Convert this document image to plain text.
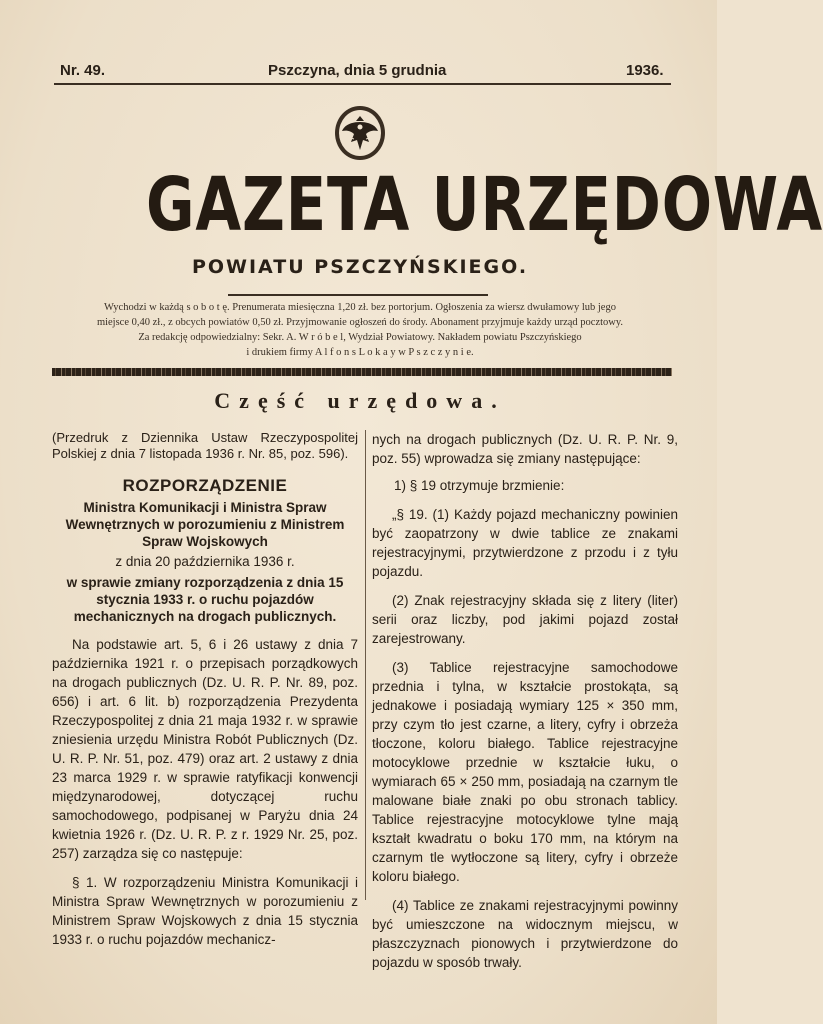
Nr. 49.	Pszczyna, dnia 5 grudnia	1936.
GAZETA URZĘDOWA
POWIATU PSZCZYŃSKIEGO.

Wychodzi w każdą s o b o t ę. Prenumerata miesięczna 1,20 zł. bez portorjum. Ogłoszenia za wiersz dwułamowy lub jego

miejsce 0,40 zł., z obcych powiatów 0,50 zł. Przyjmowanie ogłoszeń do środy. Abonament przyjmuje każdy urząd pocztowy.

Za redakcję odpowiedzialny: Sekr. A. W r ó b e l, Wydział Powiatowy. Nakładem powiatu Pszczyńskiego

i drukiem firmy A l f o n s L o k a y w P s z c z y n i e.

Część urzędowa.

(Przedruk z Dziennika Ustaw Rzeczypospolitej Polskiej z dnia 7 listopada 1936 r. Nr. 85, poz. 596).

ROZPORZĄDZENIE

Ministra Komunikacji i Ministra Spraw Wewnętrznych w porozumieniu z Ministrem Spraw Wojskowych

z dnia 20 października 1936 r.

w sprawie zmiany rozporządzenia z dnia 15 stycznia 1933 r. o ruchu pojazdów mechanicznych na drogach publicznych.

Na podstawie art. 5, 6 i 26 ustawy z dnia 7 października 1921 r. o przepisach porządkowych na drogach publicznych (Dz. U. R. P. Nr. 89, poz. 656) i art. 6 lit. b) rozporządzenia Prezydenta Rzeczypospolitej z dnia 21 maja 1932 r. w sprawie zniesienia urzędu Ministra Robót Publicznych (Dz. U. R. P. Nr. 51, poz. 479) oraz art. 2 ustawy z dnia 23 marca 1929 r. w sprawie ratyfikacji konwencji międzynarodowej, dotyczącej ruchu samochodowego, podpisanej w Paryżu dnia 24 kwietnia 1926 r. (Dz. U. R. P. z r. 1929 Nr. 25, poz. 257) zarządza się co następuje:

§ 1. W rozporządzeniu Ministra Komunikacji i Ministra Spraw Wewnętrznych w porozumieniu z Ministrem Spraw Wojskowych z dnia 15 stycznia 1933 r. o ruchu pojazdów mechanicz-

nych na drogach publicznych (Dz. U. R. P. Nr. 9, poz. 55) wprowadza się zmiany następujące:

1) § 19 otrzymuje brzmienie:

„§ 19. (1) Każdy pojazd mechaniczny powinien być zaopatrzony w dwie tablice ze znakami rejestracyjnymi, przytwierdzone z przodu i z tyłu pojazdu.

(2) Znak rejestracyjny składa się z litery (liter) serii oraz liczby, pod jakimi pojazd został zarejestrowany.

(3) Tablice rejestracyjne samochodowe przednia i tylna, w kształcie prostokąta, są jednakowe i posiadają wymiary 125 × 350 mm, przy czym tło jest czarne, a litery, cyfry i obrzeża tłoczone, koloru białego. Tablice rejestracyjne motocyklowe przednie w kształcie łuku, o wymiarach 65 × 250 mm, posiadają na czarnym tle malowane białe znaki po obu stronach tablicy. Tablice rejestracyjne motocyklowe tylne mają kształt kwadratu o boku 170 mm, na którym na czarnym tle wytłoczone są litery, cyfry i obrzeże koloru białego.

(4) Tablice ze znakami rejestracyjnymi powinny być umieszczone na widocznym miejscu, w płaszczyznach pionowych i przytwierdzone do pojazdu w sposób trwały.
